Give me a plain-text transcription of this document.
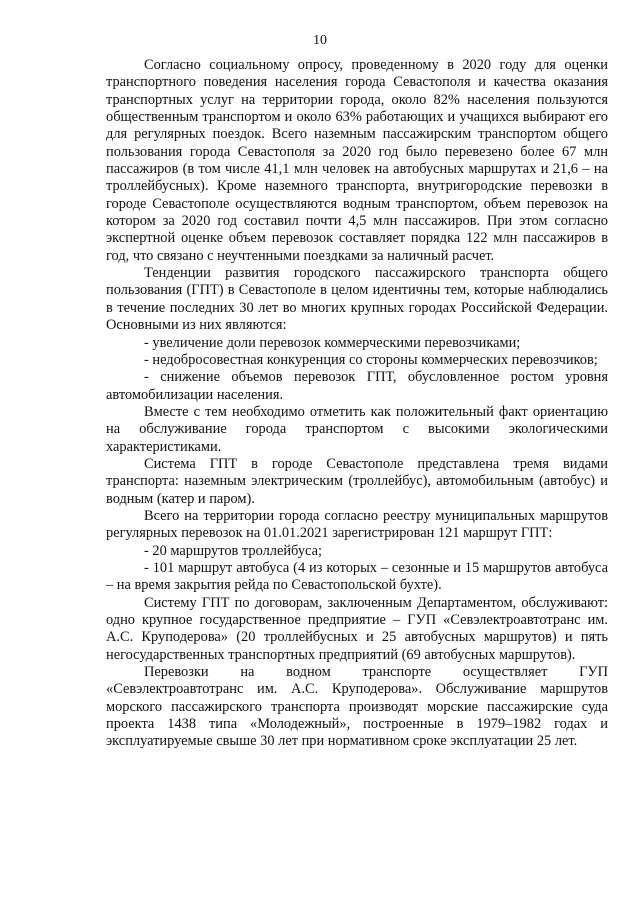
10

Согласно социальному опросу, проведенному в 2020 году для оценки транспортного поведения населения города Севастополя и качества оказания транспортных услуг на территории города, около 82% населения пользуются общественным транспортом и около 63% работающих и учащихся выбирают его для регулярных поездок. Всего наземным пассажирским транспортом общего пользования города Севастополя за 2020 год было перевезено более 67 млн пассажиров (в том числе 41,1 млн человек на автобусных маршрутах и 21,6 – на троллейбусных). Кроме наземного транспорта, внутригородские перевозки в городе Севастополе осуществляются водным транспортом, объем перевозок на котором за 2020 год составил почти 4,5 млн пассажиров. При этом согласно экспертной оценке объем перевозок составляет порядка 122 млн пассажиров в год, что связано с неучтенными поездками за наличный расчет.

Тенденции развития городского пассажирского транспорта общего пользования (ГПТ) в Севастополе в целом идентичны тем, которые наблюдались в течение последних 30 лет во многих крупных городах Российской Федерации. Основными из них являются:

- увеличение доли перевозок коммерческими перевозчиками;

- недобросовестная конкуренция со стороны коммерческих перевозчиков;

- снижение объемов перевозок ГПТ, обусловленное ростом уровня автомобилизации населения.

Вместе с тем необходимо отметить как положительный факт ориентацию на обслуживание города транспортом с высокими экологическими характеристиками.

Система ГПТ в городе Севастополе представлена тремя видами транспорта: наземным электрическим (троллейбус), автомобильным (автобус) и водным (катер и паром).

Всего на территории города согласно реестру муниципальных маршрутов регулярных перевозок на 01.01.2021 зарегистрирован 121 маршрут ГПТ:

- 20 маршрутов троллейбуса;

- 101 маршрут автобуса (4 из которых – сезонные и 15 маршрутов автобуса – на время закрытия рейда по Севастопольской бухте).

Систему ГПТ по договорам, заключенным Департаментом, обслуживают: одно крупное государственное предприятие – ГУП «Севэлектроавтотранс им. А.С. Круподерова» (20 троллейбусных и 25 автобусных маршрутов) и пять негосударственных транспортных предприятий (69 автобусных маршрутов).

Перевозки на водном транспорте осуществляет ГУП «Севэлектроавтотранс им. А.С. Круподерова». Обслуживание маршрутов морского пассажирского транспорта производят морские пассажирские суда проекта 1438 типа «Молодежный», построенные в 1979–1982 годах и эксплуатируемые свыше 30 лет при нормативном сроке эксплуатации 25 лет.
